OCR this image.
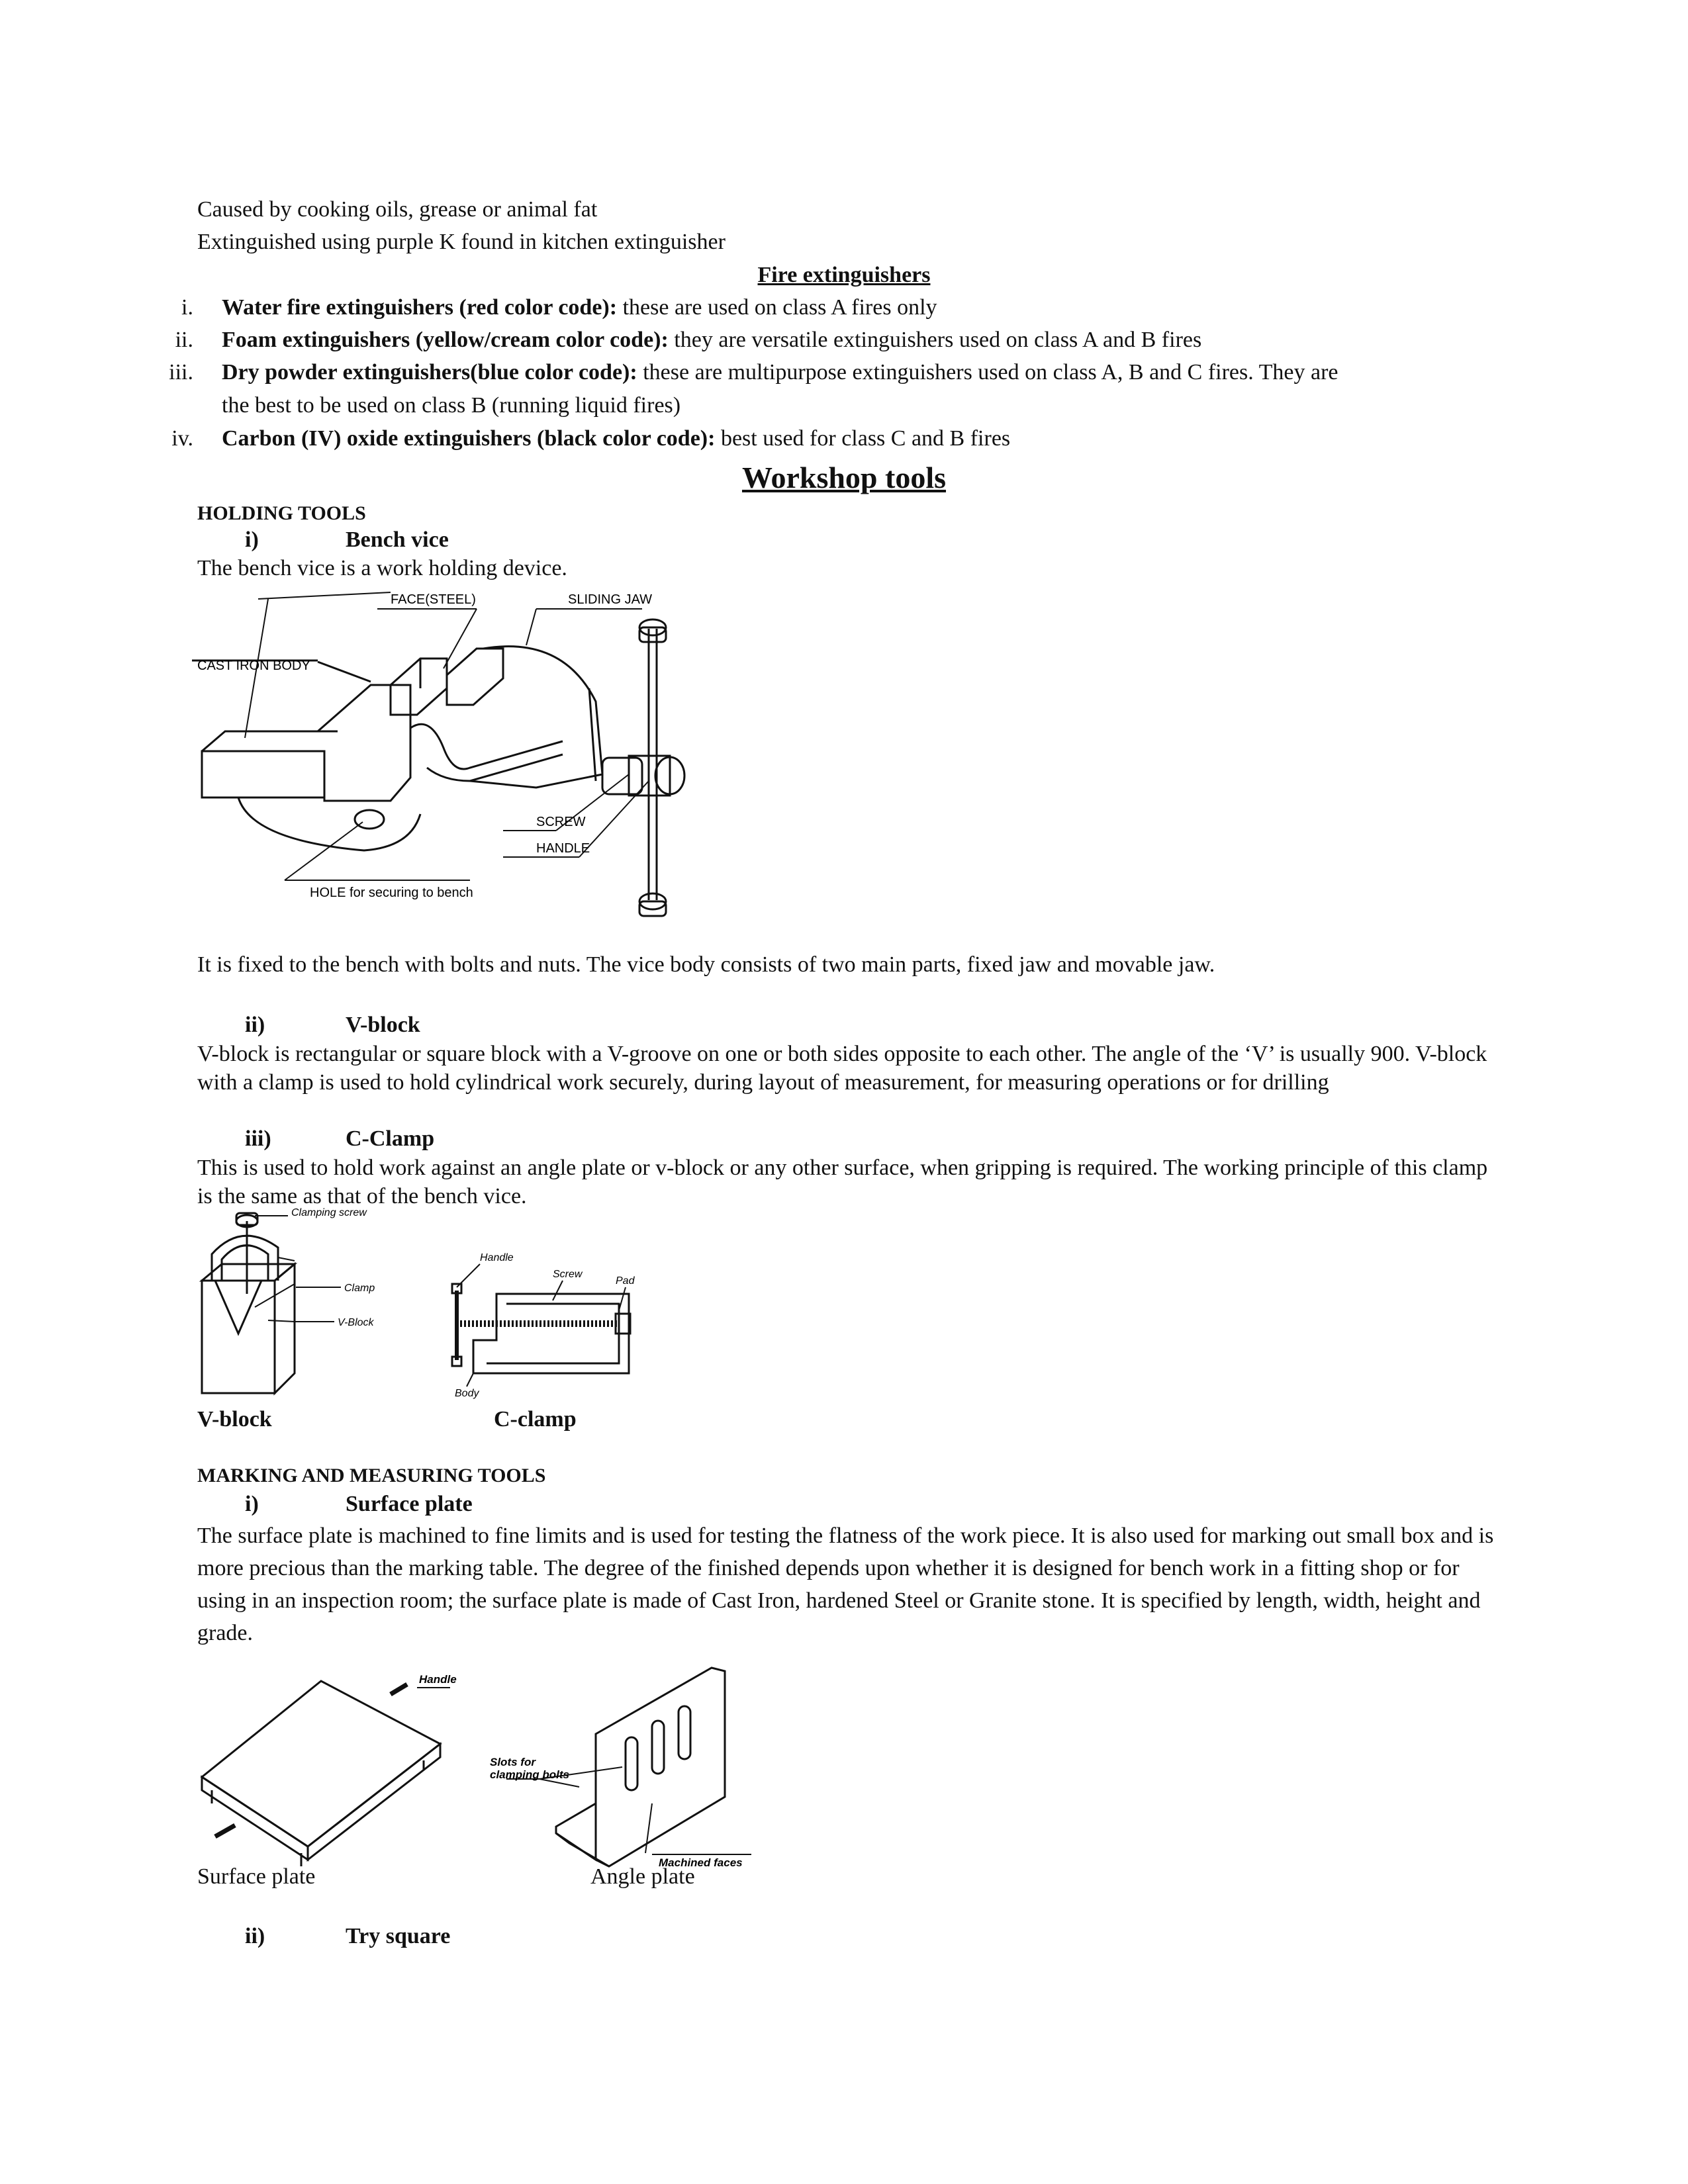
Caused by cooking oils, grease or animal fat
Extinguished using purple K found in kitchen extinguisher
Fire extinguishers
i. Water fire extinguishers (red color code): these are used on class A fires only
ii. Foam extinguishers (yellow/cream color code): they are versatile extinguishers used on class A and B fires
iii. Dry powder extinguishers(blue color code): these are multipurpose extinguishers used on class A, B and C fires. They are
the best to be used on class B (running liquid fires)
iv. Carbon (IV) oxide extinguishers (black color code): best used for class C and B fires
Workshop tools
HOLDING TOOLS
i)	Bench vice
The bench vice is a work holding device.
FACE(STEEL)	SLIDING JAW
CAST IRON BODY
SCREW
HANDLE
HOLE for securing to bench
It is fixed to the bench with bolts and nuts. The vice body consists of two main parts, fixed jaw and movable jaw.
ii)	V-block
V-block is rectangular or square block with a V-groove on one or both sides opposite to each other. The angle of the ‘V’ is usually 900. V-block with a clamp is used to hold cylindrical work securely, during layout of measurement, for measuring operations or for drilling
iii)	C-Clamp
This is used to hold work against an angle plate or v-block or any other surface, when gripping is required. The working principle of this clamp is the same as that of the bench vice.
Clamping screw
Clamp
V-Block
Handle
Screw
Pad
Body
V-block	C-clamp
MARKING AND MEASURING TOOLS
i)	Surface plate
The surface plate is machined to fine limits and is used for testing the flatness of the work piece. It is also used for marking out small box and is more precious than the marking table. The degree of the finished depends upon whether it is designed for bench work in a fitting shop or for using in an inspection room; the surface plate is made of Cast Iron, hardened Steel or Granite stone. It is specified by length, width, height and grade.
Handle
Slots for
clamping bolts
Machined faces
Surface plate	Angle plate
ii)	Try square
